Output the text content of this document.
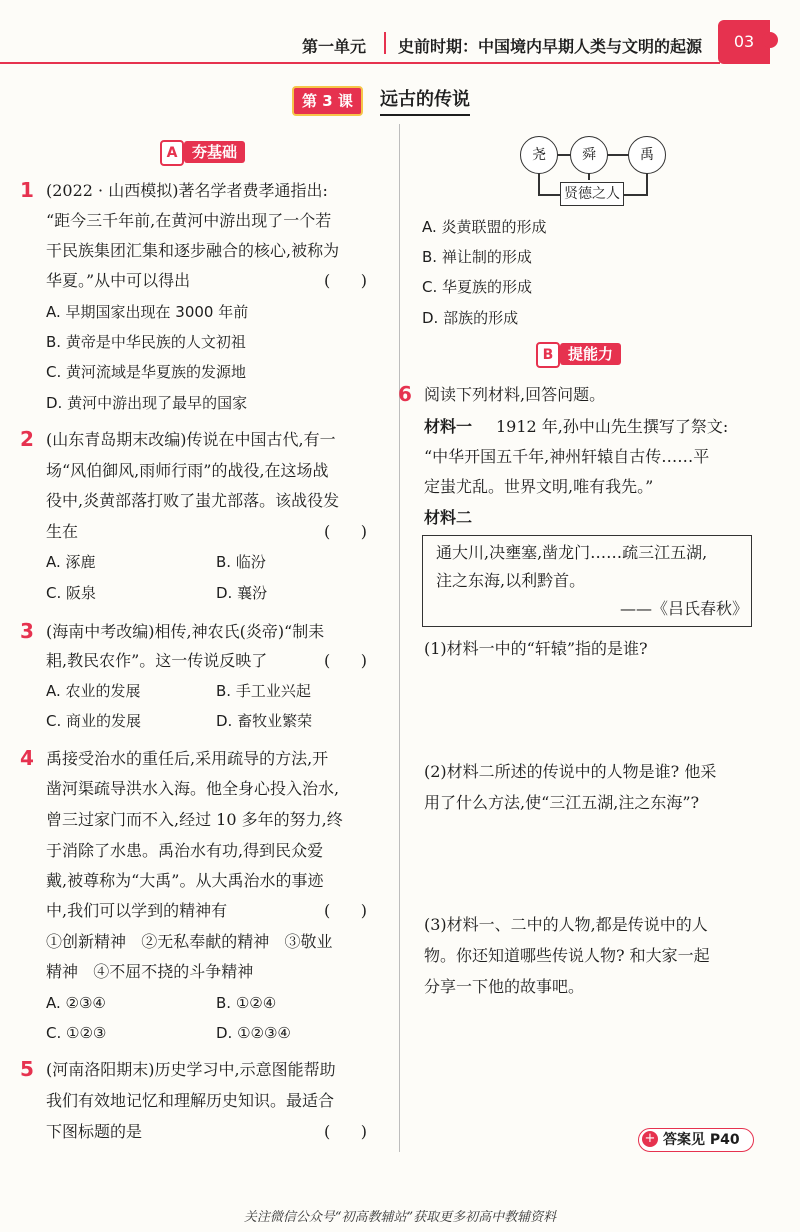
第一单元 史前时期：中国境内早期人类与文明的起源	03
第 3 课	远古的传说
A 夯基础
1 (2022 · 山西模拟)著名学者费孝通指出:
“距今三千年前,在黄河中游出现了一个若
干民族集团汇集和逐步融合的核心,被称为
华夏。”从中可以得出	(      )
A. 早期国家出现在 3000 年前
B. 黄帝是中华民族的人文初祖
C. 黄河流域是华夏族的发源地
D. 黄河中游出现了最早的国家
2 (山东青岛期末改编)传说在中国古代,有一
场“风伯御风,雨师行雨”的战役,在这场战
役中,炎黄部落打败了蚩尤部落。该战役发
生在	(      )
A. 涿鹿	B. 临汾
C. 阪泉	D. 襄汾
3 (海南中考改编)相传,神农氏(炎帝)“制耒
耜,教民农作”。这一传说反映了	(      )
A. 农业的发展	B. 手工业兴起
C. 商业的发展	D. 畜牧业繁荣
4 禹接受治水的重任后,采用疏导的方法,开
凿河渠疏导洪水入海。他全身心投入治水,
曾三过家门而不入,经过 10 多年的努力,终
于消除了水患。禹治水有功,得到民众爱
戴,被尊称为“大禹”。从大禹治水的事迹
中,我们可以学到的精神有	(      )
①创新精神   ②无私奉献的精神   ③敬业
精神   ④不屈不挠的斗争精神
A. ②③④	B. ①②④
C. ①②③	D. ①②③④
5 (河南洛阳期末)历史学习中,示意图能帮助
我们有效地记忆和理解历史知识。最适合
下图标题的是	(      )
尧	舜	禹
贤德之人
A. 炎黄联盟的形成
B. 禅让制的形成
C. 华夏族的形成
D. 部族的形成
B 提能力
6 阅读下列材料,回答问题。
材料一 1912 年,孙中山先生撰写了祭文:
“中华开国五千年,神州轩辕自古传……平
定蚩尤乱。世界文明,唯有我先。”
材料二
通大川,决壅塞,凿龙门……疏三江五湖,
注之东海,以利黔首。
——《吕氏春秋》
(1)材料一中的“轩辕”指的是谁?
(2)材料二所述的传说中的人物是谁? 他采
用了什么方法,使“三江五湖,注之东海”?
(3)材料一、二中的人物,都是传说中的人
物。你还知道哪些传说人物? 和大家一起
分享一下他的故事吧。
+ 答案见 P40
关注微信公众号“初高教辅站”获取更多初高中教辅资料
